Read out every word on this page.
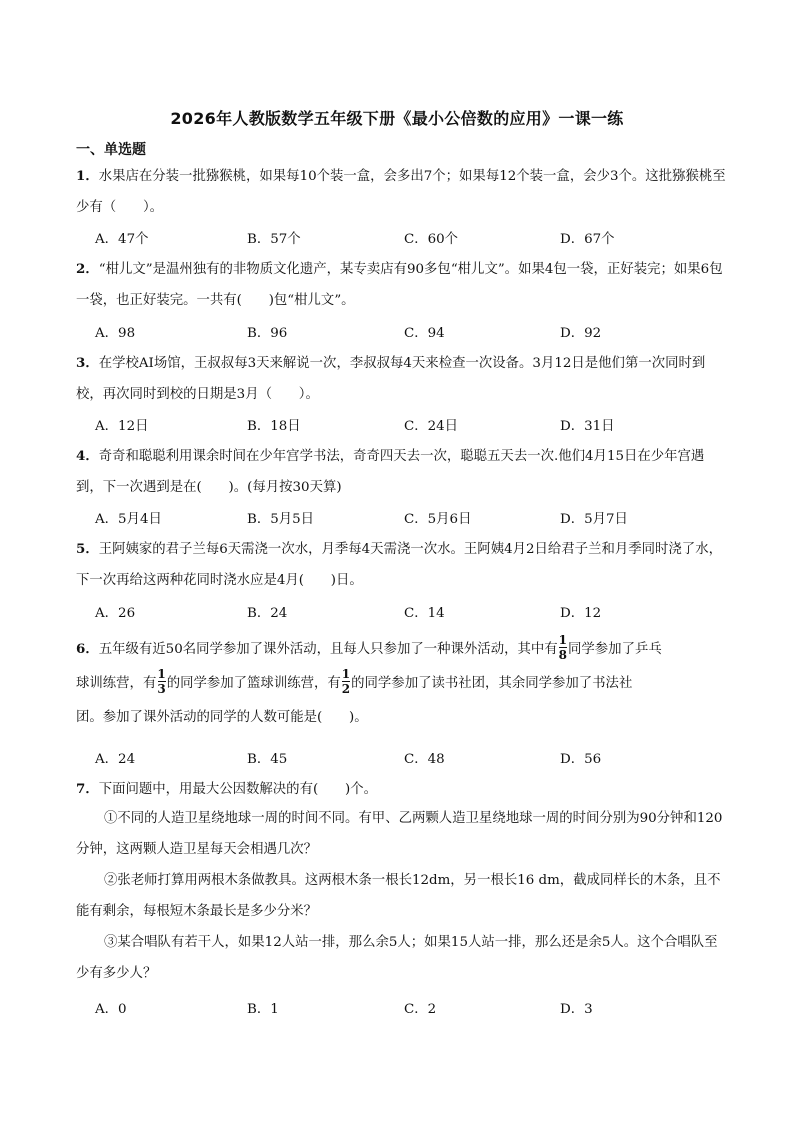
2026年人教版数学五年级下册《最小公倍数的应用》一课一练
一、单选题
1．水果店在分装一批猕猴桃，如果每10个装一盒，会多出7个；如果每12个装一盒，会少3个。这批猕猴桃至少有（　　）。
A．47个	B．57个	C．60个	D．67个
2．“柑儿文”是温州独有的非物质文化遗产，某专卖店有90多包“柑儿文”。如果4包一袋，正好装完；如果6包一袋，也正好装完。一共有(　　)包“柑儿文”。
A．98	B．96	C．94	D．92
3．在学校AI场馆，王叔叔每3天来解说一次，李叔叔每4天来检查一次设备。3月12日是他们第一次同时到校，再次同时到校的日期是3月（　　）。
A．12日	B．18日	C．24日	D．31日
4．奇奇和聪聪利用课余时间在少年宫学书法，奇奇四天去一次，聪聪五天去一次.他们4月15日在少年宫遇到，下一次遇到是在(　　)。(每月按30天算)
A．5月4日	B．5月5日	C．5月6日	D．5月7日
5．王阿姨家的君子兰每6天需浇一次水，月季每4天需浇一次水。王阿姨4月2日给君子兰和月季同时浇了水，下一次再给这两种花同时浇水应是4月(　　)日。
A．26	B．24	C．14	D．12
6．五年级有近50名同学参加了课外活动，且每人只参加了一种课外活动，其中有 $\frac{1}{8}$ 同学参加了乒乓
球训练营，有 $\frac{1}{3}$ 的同学参加了篮球训练营，有 $\frac{1}{2}$ 的同学参加了读书社团，其余同学参加了书法社
团。参加了课外活动的同学的人数可能是(　　)。
A．24	B．45	C．48	D．56
7．下面问题中，用最大公因数解决的有(　　)个。
①不同的人造卫星绕地球一周的时间不同。有甲、乙两颗人造卫星绕地球一周的时间分别为90分钟和120分钟，这两颗人造卫星每天会相遇几次？
②张老师打算用两根木条做教具。这两根木条一根长12dm，另一根长16 dm，截成同样长的木条，且不能有剩余，每根短木条最长是多少分米？
③某合唱队有若干人，如果12人站一排，那么余5人；如果15人站一排，那么还是余5人。这个合唱队至少有多少人？
A．0	B．1	C．2	D．3
